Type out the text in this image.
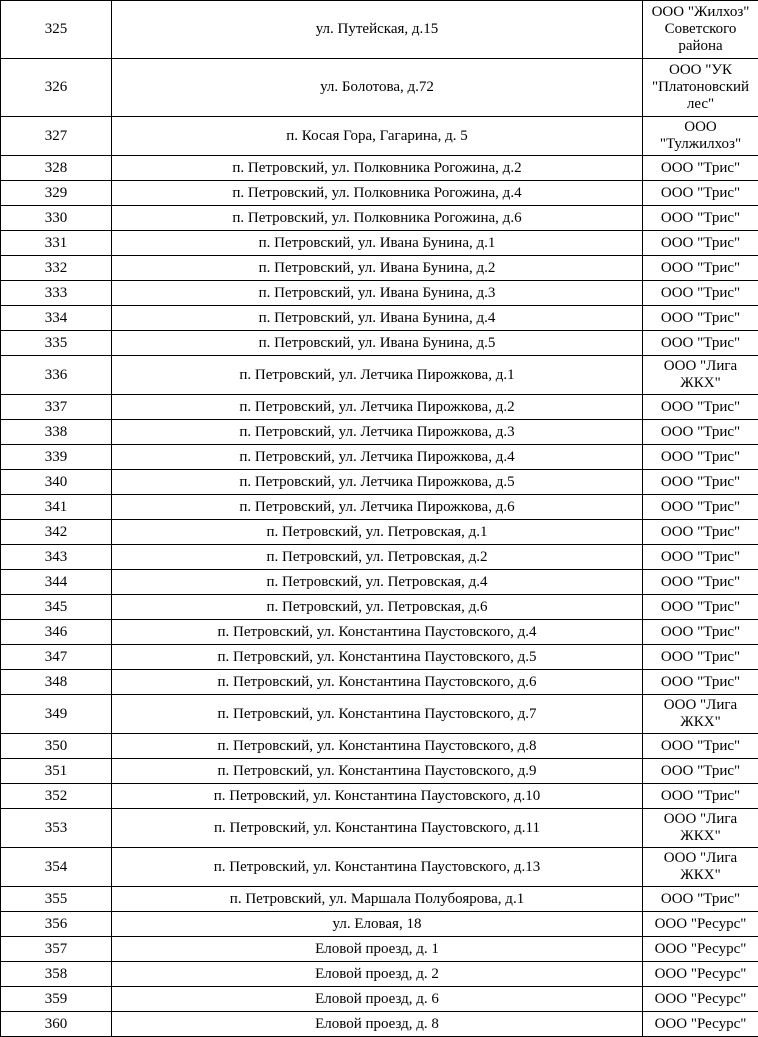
325	ул. Путейская, д.15	ООО "Жилхоз" Советского района
326	ул. Болотова, д.72	ООО "УК "Платоновский лес"
327	п. Косая Гора, Гагарина, д. 5	ООО "Тулжилхоз"
328	п. Петровский, ул. Полковника Рогожина, д.2	ООО "Трис"
329	п. Петровский, ул. Полковника Рогожина, д.4	ООО "Трис"
330	п. Петровский, ул. Полковника Рогожина, д.6	ООО "Трис"
331	п. Петровский, ул. Ивана Бунина, д.1	ООО "Трис"
332	п. Петровский, ул. Ивана Бунина, д.2	ООО "Трис"
333	п. Петровский, ул. Ивана Бунина, д.3	ООО "Трис"
334	п. Петровский, ул. Ивана Бунина, д.4	ООО "Трис"
335	п. Петровский, ул. Ивана Бунина, д.5	ООО "Трис"
336	п. Петровский, ул. Летчика Пирожкова, д.1	ООО "Лига ЖКХ"
337	п. Петровский, ул. Летчика Пирожкова, д.2	ООО "Трис"
338	п. Петровский, ул. Летчика Пирожкова, д.3	ООО "Трис"
339	п. Петровский, ул. Летчика Пирожкова, д.4	ООО "Трис"
340	п. Петровский, ул. Летчика Пирожкова, д.5	ООО "Трис"
341	п. Петровский, ул. Летчика Пирожкова, д.6	ООО "Трис"
342	п. Петровский, ул. Петровская, д.1	ООО "Трис"
343	п. Петровский, ул. Петровская, д.2	ООО "Трис"
344	п. Петровский, ул. Петровская, д.4	ООО "Трис"
345	п. Петровский, ул. Петровская, д.6	ООО "Трис"
346	п. Петровский, ул. Константина Паустовского, д.4	ООО "Трис"
347	п. Петровский, ул. Константина Паустовского, д.5	ООО "Трис"
348	п. Петровский, ул. Константина Паустовского, д.6	ООО "Трис"
349	п. Петровский, ул. Константина Паустовского, д.7	ООО "Лига ЖКХ"
350	п. Петровский, ул. Константина Паустовского, д.8	ООО "Трис"
351	п. Петровский, ул. Константина Паустовского, д.9	ООО "Трис"
352	п. Петровский, ул. Константина Паустовского, д.10	ООО "Трис"
353	п. Петровский, ул. Константина Паустовского, д.11	ООО "Лига ЖКХ"
354	п. Петровский, ул. Константина Паустовского, д.13	ООО "Лига ЖКХ"
355	п. Петровский, ул. Маршала Полубоярова, д.1	ООО "Трис"
356	ул. Еловая, 18	ООО "Ресурс"
357	Еловой проезд, д. 1	ООО "Ресурс"
358	Еловой проезд, д. 2	ООО "Ресурс"
359	Еловой проезд, д. 6	ООО "Ресурс"
360	Еловой проезд, д. 8	ООО "Ресурс"
